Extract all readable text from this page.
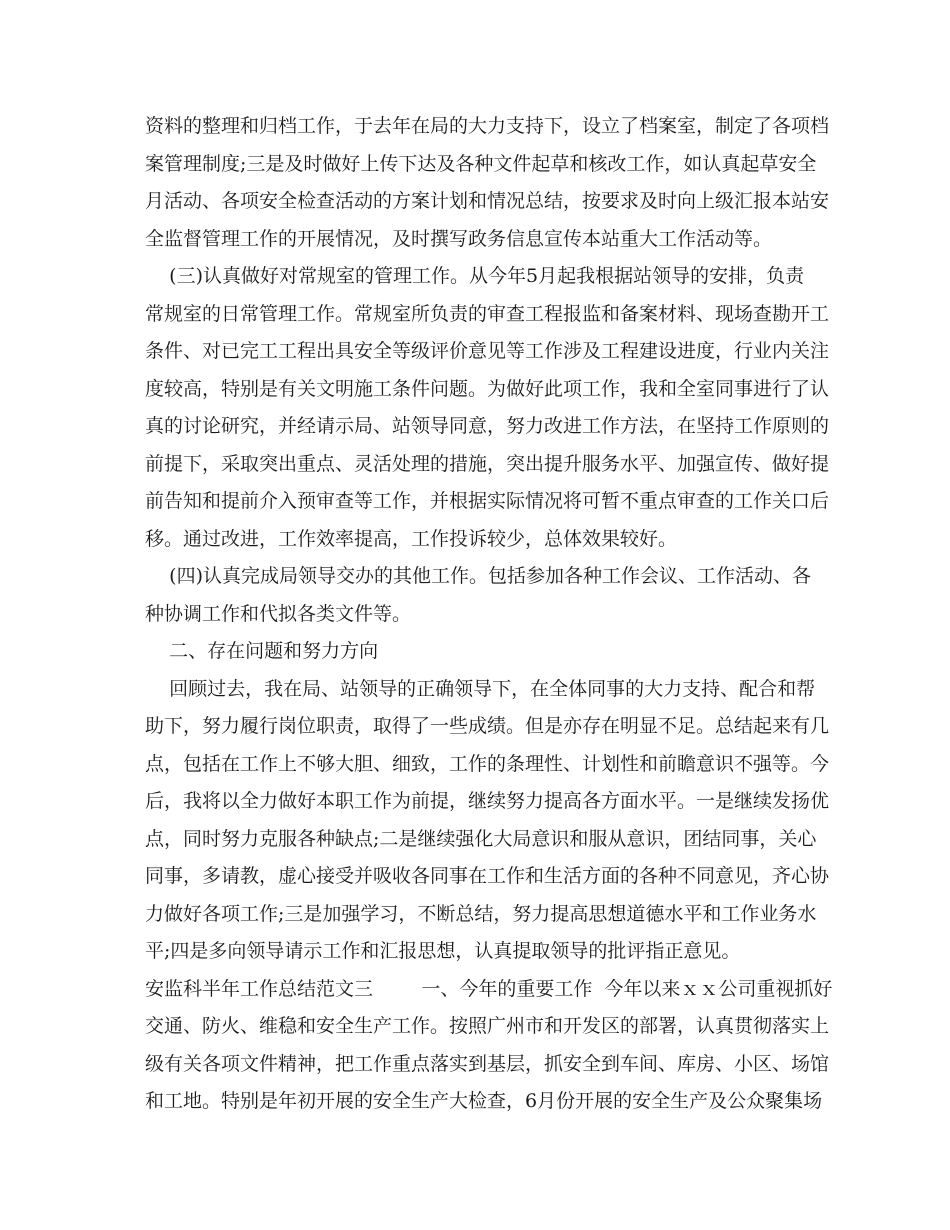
资料的整理和归档工作，于去年在局的大力支持下，设立了档案室，制定了各项档
案管理制度;三是及时做好上传下达及各种文件起草和核改工作，如认真起草安全
月活动、各项安全检查活动的方案计划和情况总结，按要求及时向上级汇报本站安
全监督管理工作的开展情况，及时撰写政务信息宣传本站重大工作活动等。
(三)认真做好对常规室的管理工作。从今年5月起我根据站领导的安排，负责
常规室的日常管理工作。常规室所负责的审查工程报监和备案材料、现场查勘开工
条件、对已完工工程出具安全等级评价意见等工作涉及工程建设进度，行业内关注
度较高，特别是有关文明施工条件问题。为做好此项工作，我和全室同事进行了认
真的讨论研究，并经请示局、站领导同意，努力改进工作方法，在坚持工作原则的
前提下，采取突出重点、灵活处理的措施，突出提升服务水平、加强宣传、做好提
前告知和提前介入预审查等工作，并根据实际情况将可暂不重点审查的工作关口后
移。通过改进，工作效率提高，工作投诉较少，总体效果较好。
(四)认真完成局领导交办的其他工作。包括参加各种工作会议、工作活动、各
种协调工作和代拟各类文件等。
二、存在问题和努力方向
回顾过去，我在局、站领导的正确领导下，在全体同事的大力支持、配合和帮
助下，努力履行岗位职责，取得了一些成绩。但是亦存在明显不足。总结起来有几
点，包括在工作上不够大胆、细致，工作的条理性、计划性和前瞻意识不强等。今
后，我将以全力做好本职工作为前提，继续努力提高各方面水平。一是继续发扬优
点，同时努力克服各种缺点;二是继续强化大局意识和服从意识，团结同事，关心
同事，多请教，虚心接受并吸收各同事在工作和生活方面的各种不同意见，齐心协
力做好各项工作;三是加强学习，不断总结，努力提高思想道德水平和工作业务水
平;四是多向领导请示工作和汇报思想，认真提取领导的批评指正意见。
安监科半年工作总结范文三        一、今年的重要工作  今年以来ｘｘ公司重视抓好
交通、防火、维稳和安全生产工作。按照广州市和开发区的部署，认真贯彻落实上
级有关各项文件精神，把工作重点落实到基层，抓安全到车间、库房、小区、场馆
和工地。特别是年初开展的安全生产大检查，6月份开展的安全生产及公众聚集场
